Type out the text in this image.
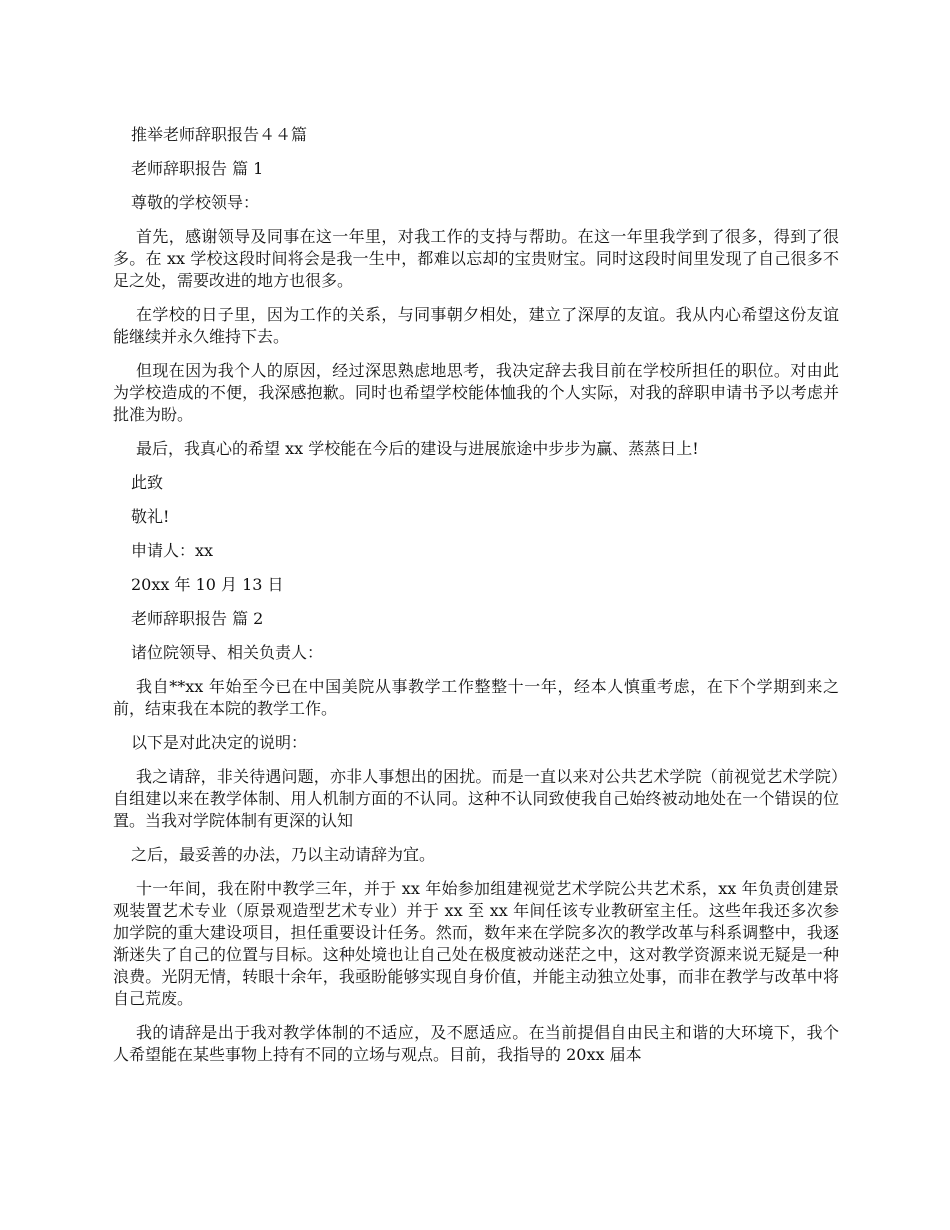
推举老师辞职报告４４篇

老师辞职报告 篇 1

尊敬的学校领导：

首先，感谢领导及同事在这一年里，对我工作的支持与帮助。在这一年里我学到了很多，得到了很多。在 xx 学校这段时间将会是我一生中，都难以忘却的宝贵财宝。同时这段时间里发现了自己很多不足之处，需要改进的地方也很多。

在学校的日子里，因为工作的关系，与同事朝夕相处，建立了深厚的友谊。我从内心希望这份友谊能继续并永久维持下去。

但现在因为我个人的原因，经过深思熟虑地思考，我决定辞去我目前在学校所担任的职位。对由此为学校造成的不便，我深感抱歉。同时也希望学校能体恤我的个人实际，对我的辞职申请书予以考虑并批准为盼。

最后，我真心的希望 xx 学校能在今后的建设与进展旅途中步步为赢、蒸蒸日上!

此致

敬礼!

申请人：xx

20xx 年 10 月 13 日

老师辞职报告 篇 2

诸位院领导、相关负责人：

我自**xx 年始至今已在中国美院从事教学工作整整十一年，经本人慎重考虑，在下个学期到来之前，结束我在本院的教学工作。

以下是对此决定的说明：

我之请辞，非关待遇问题，亦非人事想出的困扰。而是一直以来对公共艺术学院（前视觉艺术学院）自组建以来在教学体制、用人机制方面的不认同。这种不认同致使我自己始终被动地处在一个错误的位置。当我对学院体制有更深的认知

之后，最妥善的办法，乃以主动请辞为宜。

十一年间，我在附中教学三年，并于 xx 年始参加组建视觉艺术学院公共艺术系，xx 年负责创建景观装置艺术专业（原景观造型艺术专业）并于 xx 至 xx 年间任该专业教研室主任。这些年我还多次参加学院的重大建设项目，担任重要设计任务。然而，数年来在学院多次的教学改革与科系调整中，我逐渐迷失了自己的位置与目标。这种处境也让自己处在极度被动迷茫之中，这对教学资源来说无疑是一种浪费。光阴无情，转眼十余年，我亟盼能够实现自身价值，并能主动独立处事，而非在教学与改革中将自己荒废。

我的请辞是出于我对教学体制的不适应，及不愿适应。在当前提倡自由民主和谐的大环境下，我个人希望能在某些事物上持有不同的立场与观点。目前，我指导的 20xx 届本
